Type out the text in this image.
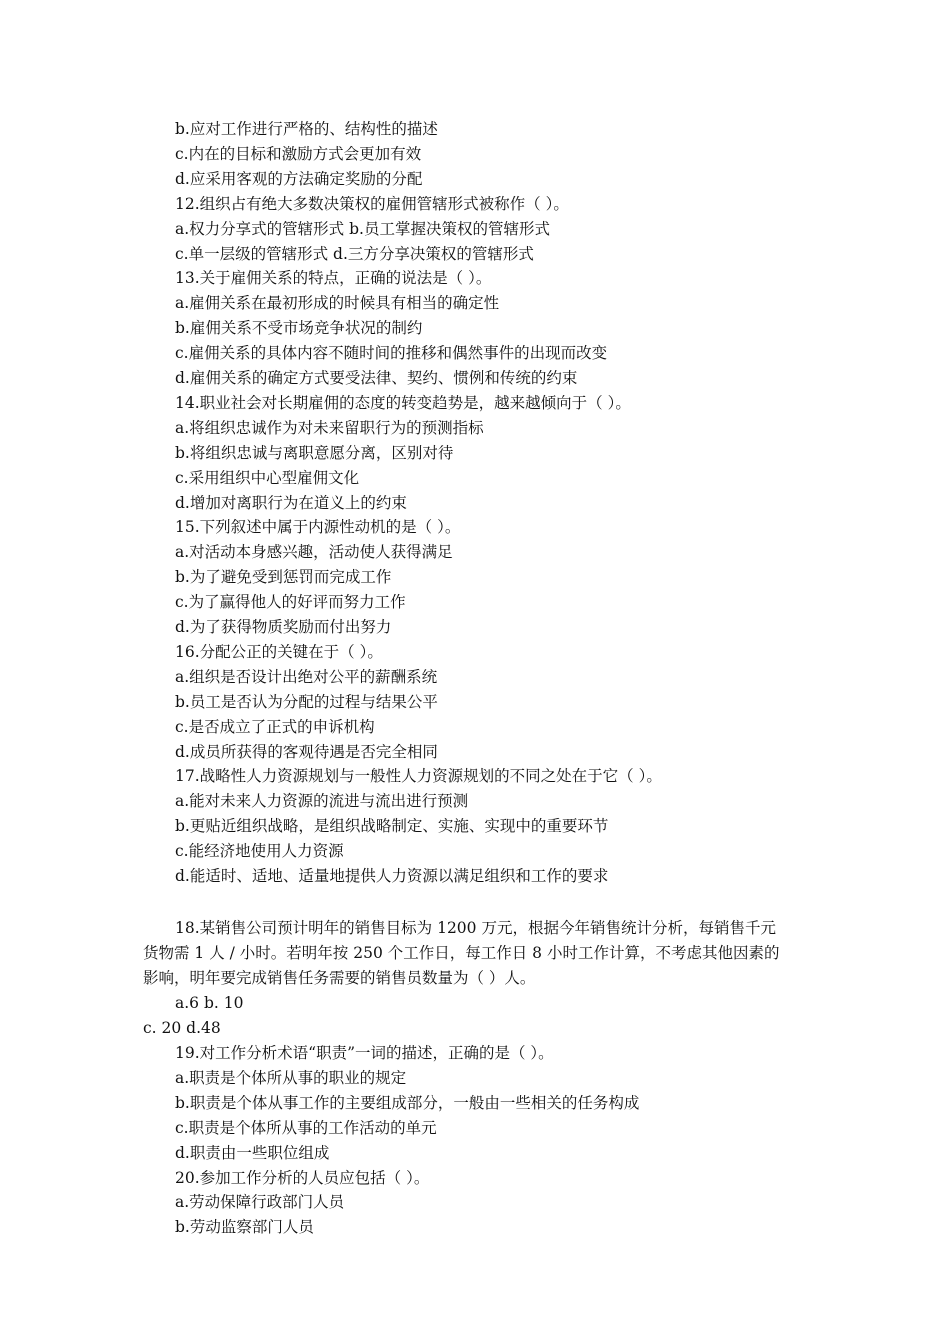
b.应对工作进行严格的、结构性的描述
c.内在的目标和激励方式会更加有效
d.应采用客观的方法确定奖励的分配
12.组织占有绝大多数决策权的雇佣管辖形式被称作（ ）。
a.权力分享式的管辖形式 b.员工掌握决策权的管辖形式
c.单一层级的管辖形式 d.三方分享决策权的管辖形式
13.关于雇佣关系的特点，正确的说法是（ ）。
a.雇佣关系在最初形成的时候具有相当的确定性
b.雇佣关系不受市场竞争状况的制约
c.雇佣关系的具体内容不随时间的推移和偶然事件的出现而改变
d.雇佣关系的确定方式要受法律、契约、惯例和传统的约束
14.职业社会对长期雇佣的态度的转变趋势是，越来越倾向于（ ）。
a.将组织忠诚作为对未来留职行为的预测指标
b.将组织忠诚与离职意愿分离，区别对待
c.采用组织中心型雇佣文化
d.增加对离职行为在道义上的约束
15.下列叙述中属于内源性动机的是（ ）。
a.对活动本身感兴趣，活动使人获得满足
b.为了避免受到惩罚而完成工作
c.为了赢得他人的好评而努力工作
d.为了获得物质奖励而付出努力
16.分配公正的关键在于（ ）。
a.组织是否设计出绝对公平的薪酬系统
b.员工是否认为分配的过程与结果公平
c.是否成立了正式的申诉机构
d.成员所获得的客观待遇是否完全相同
17.战略性人力资源规划与一般性人力资源规划的不同之处在于它（ ）。
a.能对未来人力资源的流进与流出进行预测
b.更贴近组织战略，是组织战略制定、实施、实现中的重要环节
c.能经济地使用人力资源
d.能适时、适地、适量地提供人力资源以满足组织和工作的要求
18.某销售公司预计明年的销售目标为 1200 万元，根据今年销售统计分析，每销售千元
货物需 1 人 / 小时。若明年按 250 个工作日，每工作日 8 小时工作计算，不考虑其他因素的
影响，明年要完成销售任务需要的销售员数量为（ ）人。
a.6 b. 10
c. 20 d.48
19.对工作分析术语“职责”一词的描述，正确的是（ ）。
a.职责是个体所从事的职业的规定
b.职责是个体从事工作的主要组成部分，一般由一些相关的任务构成
c.职责是个体所从事的工作活动的单元
d.职责由一些职位组成
20.参加工作分析的人员应包括（ ）。
a.劳动保障行政部门人员
b.劳动监察部门人员
